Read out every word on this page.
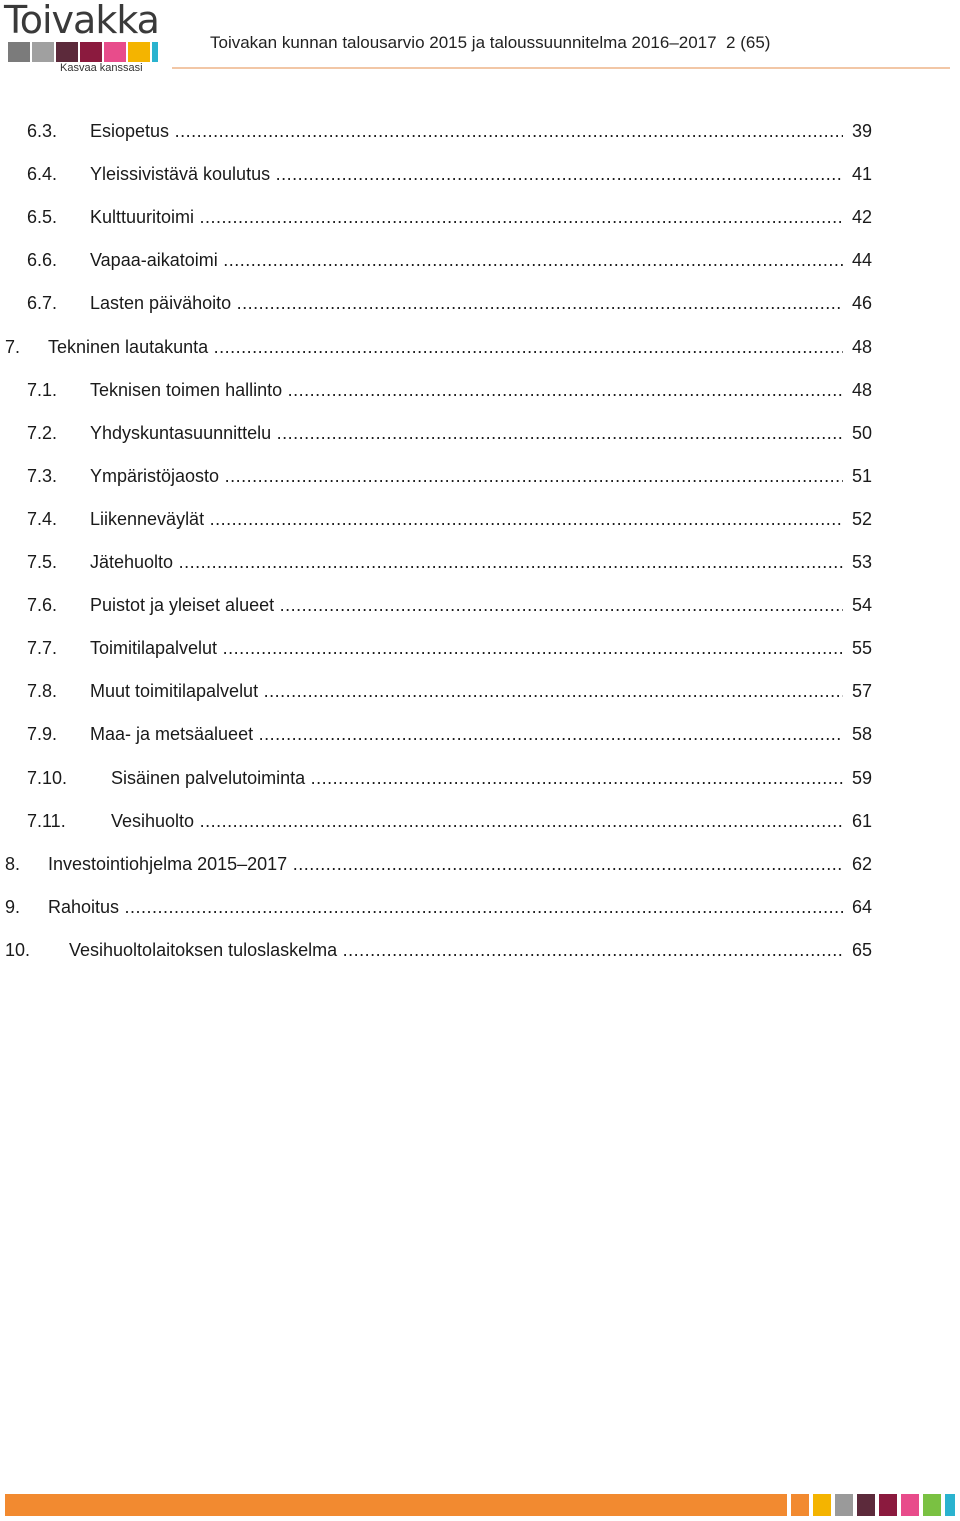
Toivakka
Kasvaa kanssasi
Toivakan kunnan talousarvio 2015 ja taloussuunnitelma 2016–2017 2 (65)
6.3. Esiopetus .....	39
6.4. Yleissivistävä koulutus .....	41
6.5. Kulttuuritoimi .....	42
6.6. Vapaa-aikatoimi .....	44
6.7. Lasten päivähoito .....	46
7. Tekninen lautakunta .....	48
7.1. Teknisen toimen hallinto .....	48
7.2. Yhdyskuntasuunnittelu .....	50
7.3. Ympäristöjaosto .....	51
7.4. Liikenneväylät .....	52
7.5. Jätehuolto .....	53
7.6. Puistot ja yleiset alueet .....	54
7.7. Toimitilapalvelut .....	55
7.8. Muut toimitilapalvelut .....	57
7.9. Maa- ja metsäalueet .....	58
7.10. Sisäinen palvelutoiminta .....	59
7.11.	Vesihuolto .....	61
8. Investointiohjelma 2015–2017 .....	62
9. Rahoitus .....	64
10. Vesihuoltolaitoksen tuloslaskelma .....	65
